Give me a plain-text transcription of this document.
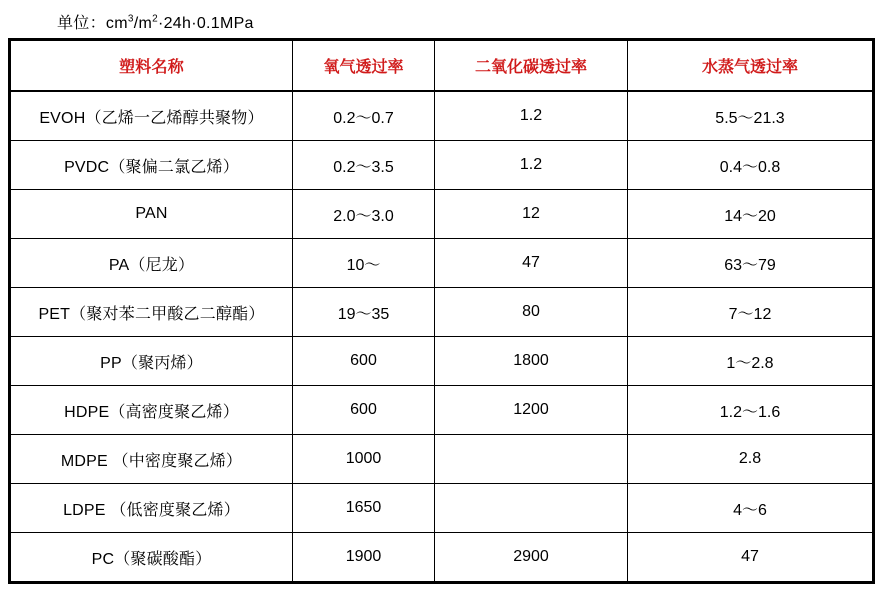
单位：$cm^3/m^2\cdot 24h\cdot 0.1MPa$
塑料名称	氧气透过率	二氧化碳透过率	水蒸气透过率
EVOH（乙烯一乙烯醇共聚物）	0.2～0.7	1.2	5.5～21.3
PVDC（聚偏二氯乙烯）	0.2～3.5	1.2	0.4～0.8
PAN	2.0～3.0	12	14～20
PA（尼龙）	10～	47	63～79
PET（聚对苯二甲酸乙二醇酯）	19～35	80	7～12
PP（聚丙烯）	600	1800	1～2.8
HDPE（高密度聚乙烯）	600	1200	1.2～1.6
MDPE （中密度聚乙烯）	1000		2.8
LDPE （低密度聚乙烯）	1650		4～6
PC（聚碳酸酯）	1900	2900	47
